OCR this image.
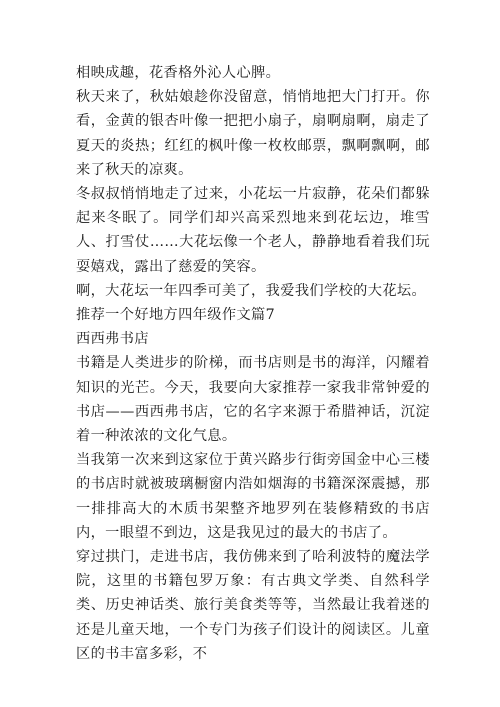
相映成趣，花香格外沁人心脾。

秋天来了，秋姑娘趁你没留意，悄悄地把大门打开。你看，金黄的银杏叶像一把把小扇子，扇啊扇啊，扇走了夏天的炎热；红红的枫叶像一枚枚邮票，飘啊飘啊，邮来了秋天的凉爽。

冬叔叔悄悄地走了过来，小花坛一片寂静，花朵们都躲起来冬眠了。同学们却兴高采烈地来到花坛边，堆雪人、打雪仗……大花坛像一个老人，静静地看着我们玩耍嬉戏，露出了慈爱的笑容。

啊，大花坛一年四季可美了，我爱我们学校的大花坛。

推荐一个好地方四年级作文篇7

西西弗书店

书籍是人类进步的阶梯，而书店则是书的海洋，闪耀着知识的光芒。今天，我要向大家推荐一家我非常钟爱的书店——西西弗书店，它的名字来源于希腊神话，沉淀着一种浓浓的文化气息。

当我第一次来到这家位于黄兴路步行街旁国金中心三楼的书店时就被玻璃橱窗内浩如烟海的书籍深深震撼，那一排排高大的木质书架整齐地罗列在装修精致的书店内，一眼望不到边，这是我见过的最大的书店了。

穿过拱门，走进书店，我仿佛来到了哈利波特的魔法学院，这里的书籍包罗万象：有古典文学类、自然科学类、历史神话类、旅行美食类等等，当然最让我着迷的还是儿童天地，一个专门为孩子们设计的阅读区。儿童区的书丰富多彩，不
